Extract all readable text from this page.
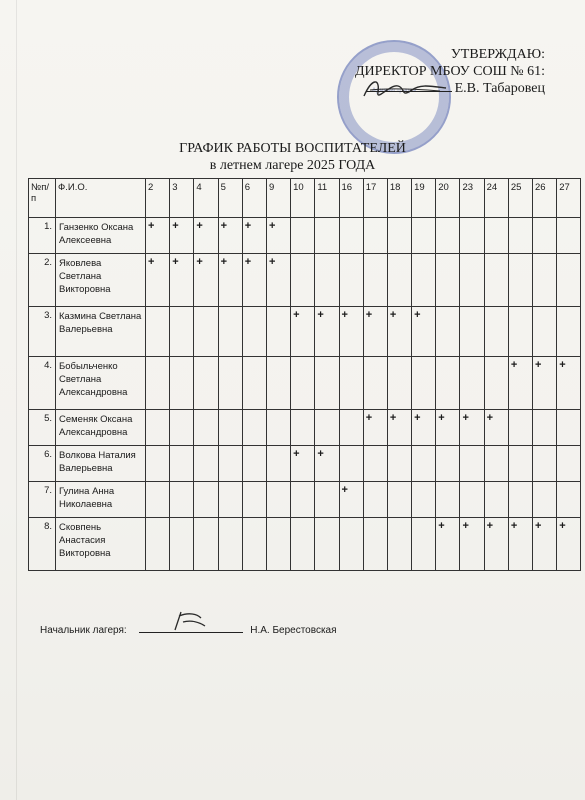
Администрация
УТВЕРЖДАЮ:
ДИРЕКТОР МБОУ СОШ № 61:
Е.В. Табаровец
ГРАФИК РАБОТЫ ВОСПИТАТЕЛЕЙ
в летнем лагере 2025 ГОДА
№п/п	Ф.И.О.	2	3	4	5	6	9	10	11	16	17	18	19	20	23	24	25	26	27
1.	Ганзенко Оксана Алексеевна	+	+	+	+	+	+												
2.	Яковлева Светлана Викторовна	+	+	+	+	+	+												
3.	Казмина Светлана Валерьевна							+	+	+	+	+	+						
4.	Бобыльченко Светлана Александровна																+	+	+
5.	Семеняк Оксана Александровна										+	+	+	+	+	+			
6.	Волкова Наталия Валерьевна							+	+										
7.	Гулина Анна Николаевна									+									
8.	Сковпень Анастасия Викторовна													+	+	+	+	+	+
Начальник лагеря:	Н.А. Берестовская
